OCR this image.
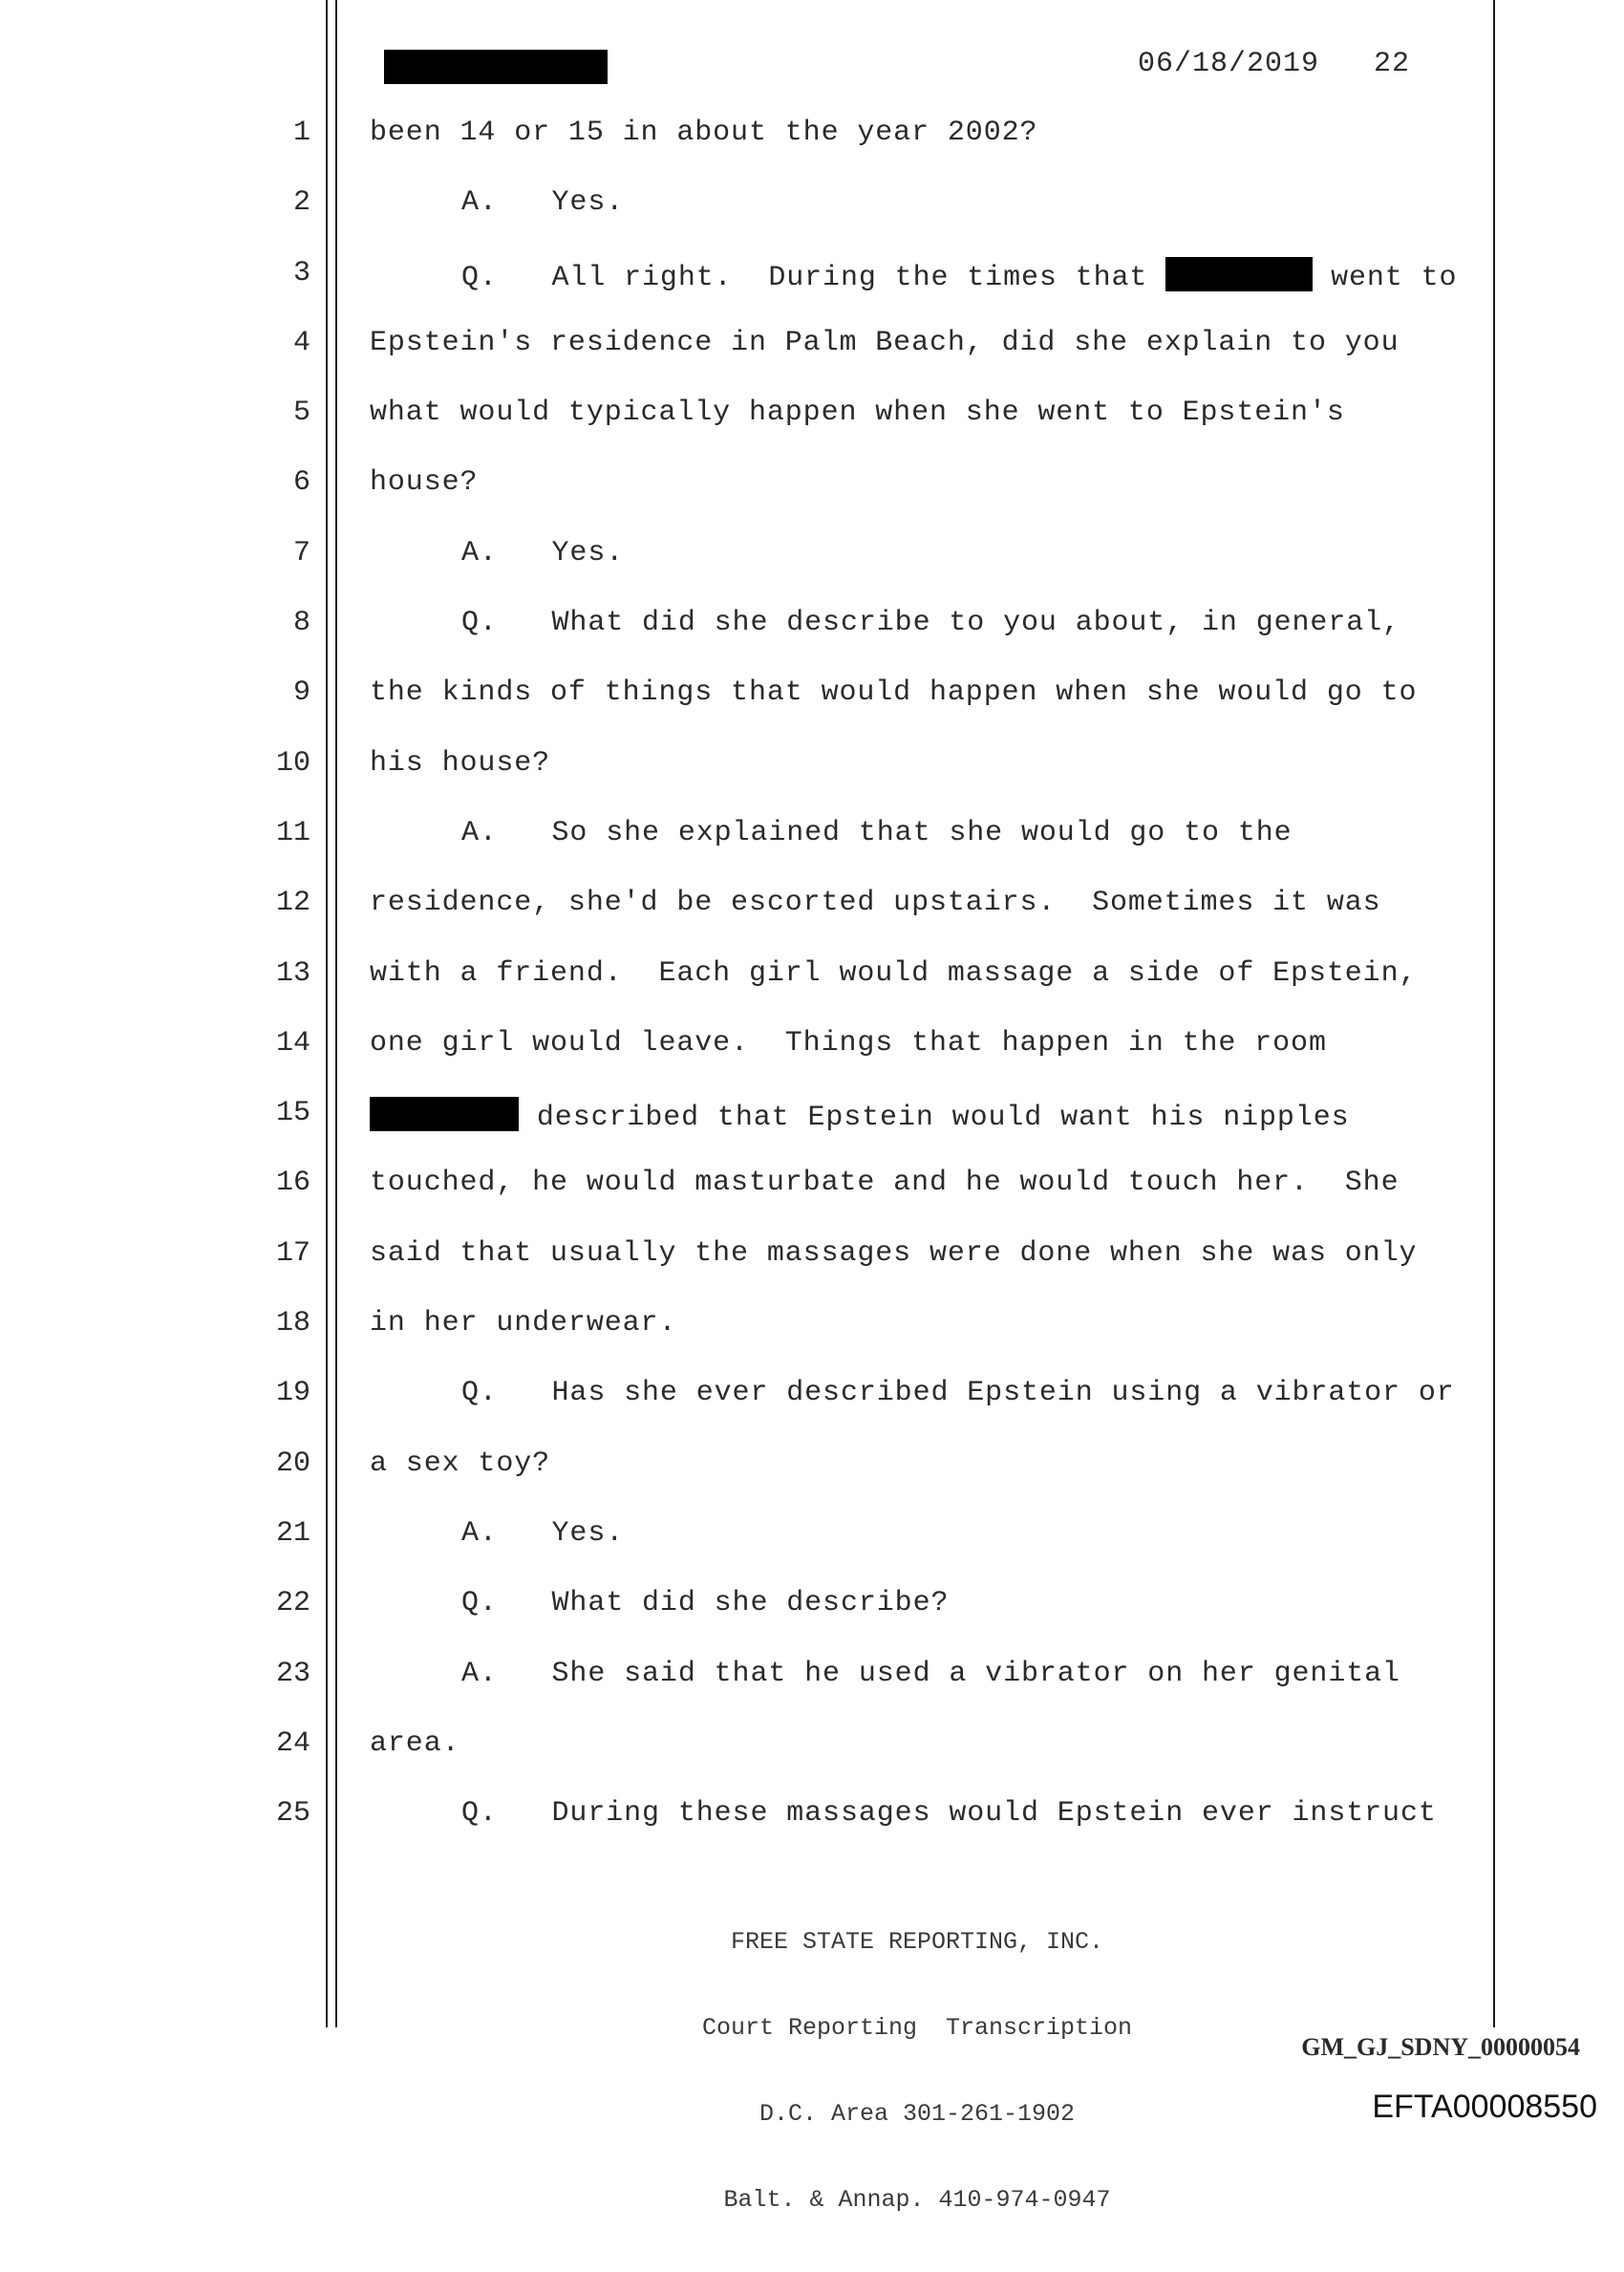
06/18/2019 22
1 been 14 or 15 in about the year 2002?
2	A.   Yes.
3	Q.   All right.  During the times that	went to
4 Epstein's residence in Palm Beach, did she explain to you
5 what would typically happen when she went to Epstein's
6 house?
7	A.   Yes.
8	Q.   What did she describe to you about, in general,
9 the kinds of things that would happen when she would go to
10 his house?
11	A.   So she explained that she would go to the
12 residence, she'd be escorted upstairs.  Sometimes it was
13 with a friend.  Each girl would massage a side of Epstein,
14 one girl would leave.  Things that happen in the room
15	described that Epstein would want his nipples
16 touched, he would masturbate and he would touch her.  She
17 said that usually the massages were done when she was only
18 in her underwear.
19	Q.   Has she ever described Epstein using a vibrator or
20 a sex toy?
21	A.   Yes.
22	Q.   What did she describe?
23	A.   She said that he used a vibrator on her genital
24 area.
25	Q.   During these massages would Epstein ever instruct

FREE STATE REPORTING, INC.

Court Reporting  Transcription

D.C. Area 301-261-1902

Balt. & Annap. 410-974-0947

GM_GJ_SDNY_00000054
EFTA00008550
